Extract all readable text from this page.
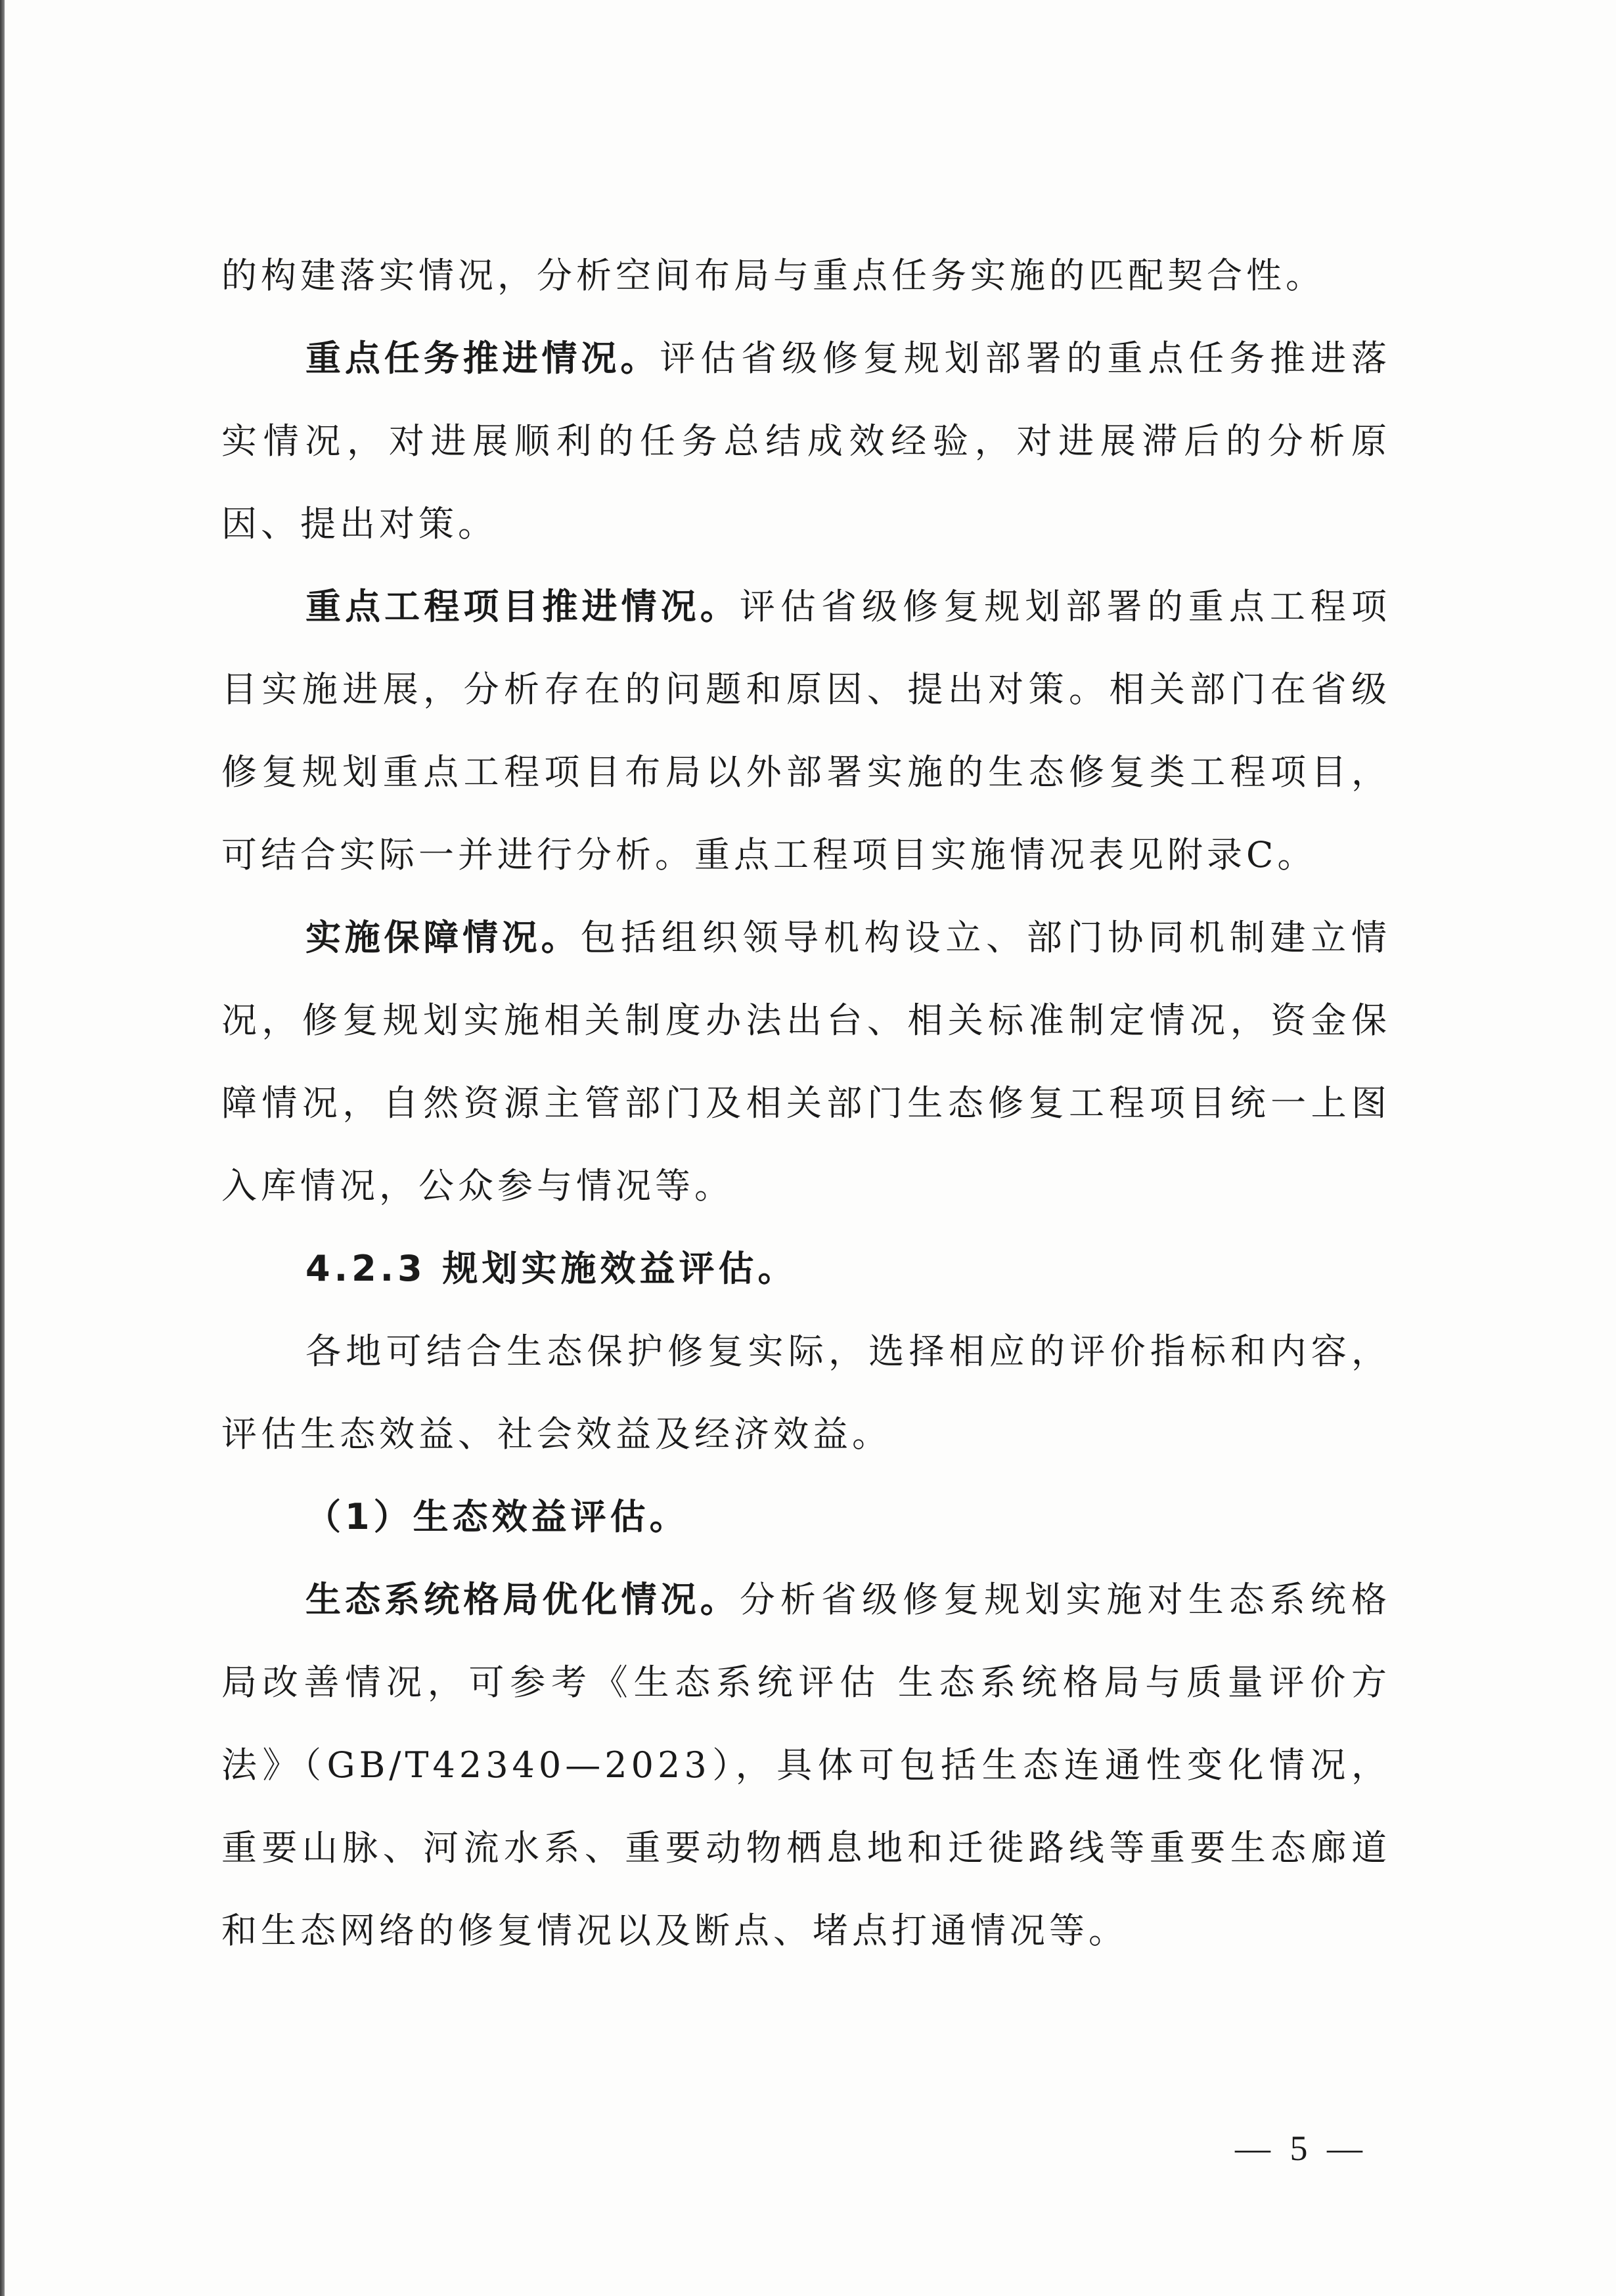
的构建落实情况，分析空间布局与重点任务实施的匹配契合性。

重点任务推进情况。评估省级修复规划部署的重点任务推进落实情况，对进展顺利的任务总结成效经验，对进展滞后的分析原因、提出对策。

重点工程项目推进情况。评估省级修复规划部署的重点工程项目实施进展，分析存在的问题和原因、提出对策。相关部门在省级修复规划重点工程项目布局以外部署实施的生态修复类工程项目，可结合实际一并进行分析。重点工程项目实施情况表见附录C。

实施保障情况。包括组织领导机构设立、部门协同机制建立情况，修复规划实施相关制度办法出台、相关标准制定情况，资金保障情况，自然资源主管部门及相关部门生态修复工程项目统一上图入库情况，公众参与情况等。

4.2.3 规划实施效益评估。

各地可结合生态保护修复实际，选择相应的评价指标和内容，评估生态效益、社会效益及经济效益。

（1）生态效益评估。

生态系统格局优化情况。分析省级修复规划实施对生态系统格局改善情况，可参考《生态系统评估 生态系统格局与质量评价方法》（GB/T42340—2023），具体可包括生态连通性变化情况，重要山脉、河流水系、重要动物栖息地和迁徙路线等重要生态廊道和生态网络的修复情况以及断点、堵点打通情况等。

— 5 —
